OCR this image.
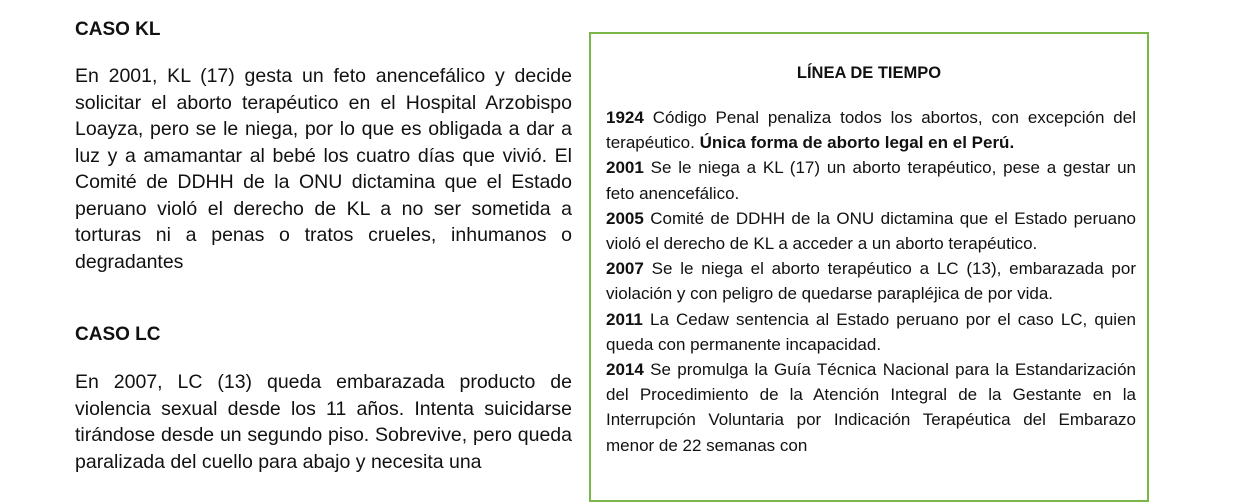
CASO KL

En 2001, KL (17) gesta un feto anencefálico y decide solicitar el aborto terapéutico en el Hospital Arzobispo Loayza, pero se le niega, por lo que es obligada a dar a luz y a amamantar al bebé los cuatro días que vivió. El Comité de DDHH de la ONU dictamina que el Estado peruano violó el derecho de KL a no ser sometida a torturas ni a penas o tratos crueles, inhumanos o degradantes

CASO LC

En 2007, LC (13) queda embarazada producto de violencia sexual desde los 11 años. Intenta suicidarse tirándose desde un segundo piso. Sobrevive, pero queda paralizada del cuello para abajo y necesita una

LÍNEA DE TIEMPO
1924 Código Penal penaliza todos los abortos, con excepción del terapéutico. Única forma de aborto legal en el Perú.
2001 Se le niega a KL (17) un aborto terapéutico, pese a gestar un feto anencefálico.
2005 Comité de DDHH de la ONU dictamina que el Estado peruano violó el derecho de KL a acceder a un aborto terapéutico.
2007 Se le niega el aborto terapéutico a LC (13), embarazada por violación y con peligro de quedarse parapléjica de por vida.
2011 La Cedaw sentencia al Estado peruano por el caso LC, quien queda con permanente incapacidad.
2014 Se promulga la Guía Técnica Nacional para la Estandarización del Procedimiento de la Atención Integral de la Gestante en la Interrupción Voluntaria por Indicación Terapéutica del Embarazo menor de 22 semanas con
